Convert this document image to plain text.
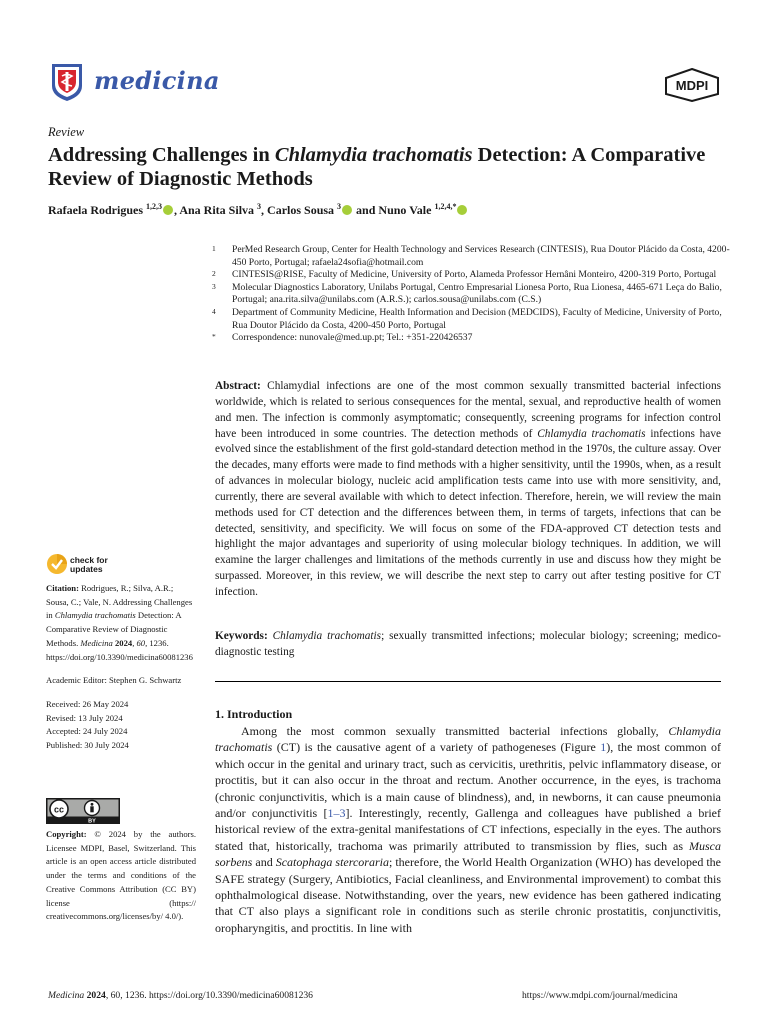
medicina	MDPI
Review
Addressing Challenges in Chlamydia trachomatis Detection: A Comparative Review of Diagnostic Methods
Rafaela Rodrigues $^{1,2,3}$ , Ana Rita Silva $^3$, Carlos Sousa $^3$ and Nuno Vale $^{1,2,4,*}$
1	PerMed Research Group, Center for Health Technology and Services Research (CINTESIS), Rua Doutor Plácido da Costa, 4200-450 Porto, Portugal; rafaela24sofia@hotmail.com
2	CINTESIS@RISE, Faculty of Medicine, University of Porto, Alameda Professor Hernâni Monteiro, 4200-319 Porto, Portugal
3	Molecular Diagnostics Laboratory, Unilabs Portugal, Centro Empresarial Lionesa Porto, Rua Lionesa, 4465-671 Leça do Balio, Portugal; ana.rita.silva@unilabs.com (A.R.S.); carlos.sousa@unilabs.com (C.S.)
4	Department of Community Medicine, Health Information and Decision (MEDCIDS), Faculty of Medicine, University of Porto, Rua Doutor Plácido da Costa, 4200-450 Porto, Portugal
*	Correspondence: nunovale@med.up.pt; Tel.: +351-220426537
Abstract: Chlamydial infections are one of the most common sexually transmitted bacterial infections worldwide, which is related to serious consequences for the mental, sexual, and reproductive health of women and men. The infection is commonly asymptomatic; consequently, screening programs for infection control have been introduced in some countries. The detection methods of Chlamydia trachomatis infections have evolved since the establishment of the first gold-standard detection method in the 1970s, the culture assay. Over the decades, many efforts were made to find methods with a higher sensitivity, until the 1990s, when, as a result of advances in molecular biology, nucleic acid amplification tests came into use with more sensitivity, and, currently, there are several available with which to detect infection. Therefore, herein, we will review the main methods used for CT detection and the differences between them, in terms of targets, infections that can be detected, sensitivity, and specificity. We will focus on some of the FDA-approved CT detection tests and highlight the major advantages and superiority of using molecular biology techniques. In addition, we will examine the larger challenges and limitations of the methods currently in use and discuss how they might be surpassed. Moreover, in this review, we will describe the next step to carry out after testing positive for CT infection.
Keywords: Chlamydia trachomatis; sexually transmitted infections; molecular biology; screening; medico-diagnostic testing
1. Introduction
Among the most common sexually transmitted bacterial infections globally, Chlamydia trachomatis (CT) is the causative agent of a variety of pathogeneses (Figure 1), the most common of which occur in the genital and urinary tract, such as cervicitis, urethritis, pelvic inflammatory disease, or proctitis, but it can also occur in the throat and rectum. Another occurrence, in the eyes, is trachoma (chronic conjunctivitis, which is a main cause of blindness), and, in newborns, it can cause pneumonia and/or conjunctivitis [1–3]. Interestingly, recently, Gallenga and colleagues have published a brief historical review of the extra-genital manifestations of CT infections, especially in the eyes. The authors stated that, historically, trachoma was primarily attributed to transmission by flies, such as Musca sorbens and Scatophaga stercoraria; therefore, the World Health Organization (WHO) has developed the SAFE strategy (Surgery, Antibiotics, Facial cleanliness, and Environmental improvement) to combat this ophthalmological disease. Notwithstanding, over the years, new evidence has been gathered indicating that CT also plays a significant role in conditions such as sterile chronic prostatitis, conjunctivitis, oropharyngitis, and proctitis. In line with
check for
updates
Citation: Rodrigues, R.; Silva, A.R.; Sousa, C.; Vale, N. Addressing Challenges in Chlamydia trachomatis Detection: A Comparative Review of Diagnostic Methods. Medicina 2024, 60, 1236. https://doi.org/10.3390/medicina60081236
Academic Editor: Stephen G. Schwartz
Received: 26 May 2024
Revised: 13 July 2024
Accepted: 24 July 2024
Published: 30 July 2024
cc
BY
Copyright: © 2024 by the authors. Licensee MDPI, Basel, Switzerland. This article is an open access article distributed under the terms and conditions of the Creative Commons Attribution (CC BY) license (https:// creativecommons.org/licenses/by/ 4.0/).
Medicina 2024, 60, 1236. https://doi.org/10.3390/medicina60081236	https://www.mdpi.com/journal/medicina
